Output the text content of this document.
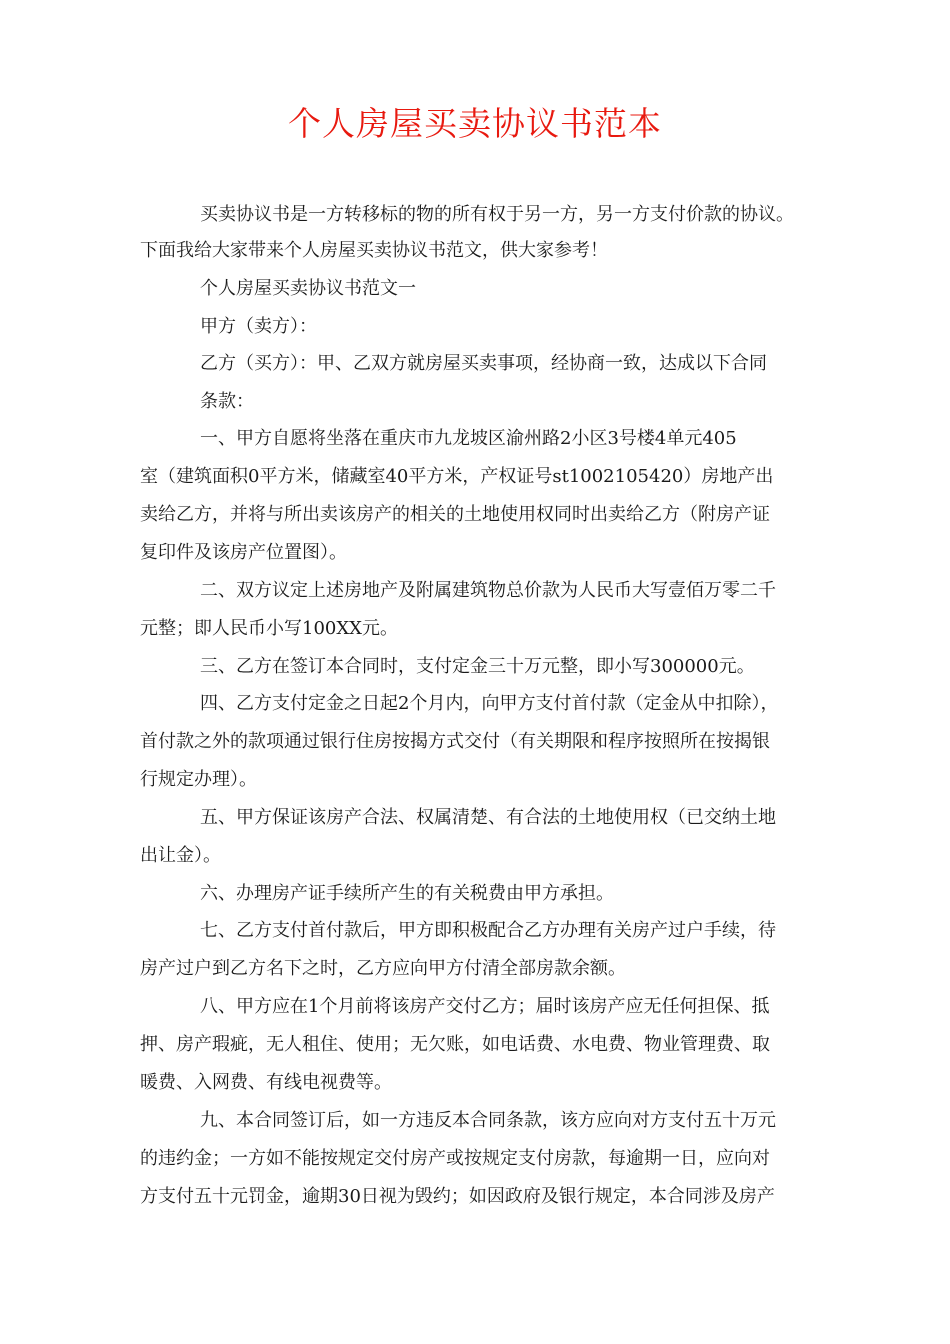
个人房屋买卖协议书范本
买卖协议书是一方转移标的物的所有权于另一方，另一方支付价款的协议。
下面我给大家带来个人房屋买卖协议书范文，供大家参考！
个人房屋买卖协议书范文一
甲方（卖方）：
乙方（买方）：甲、乙双方就房屋买卖事项，经协商一致，达成以下合同
条款：
一、甲方自愿将坐落在重庆市九龙坡区渝州路2小区3号楼4单元405
室（建筑面积0平方米，储藏室40平方米，产权证号st1002105420）房地产出
卖给乙方，并将与所出卖该房产的相关的土地使用权同时出卖给乙方（附房产证
复印件及该房产位置图）。
二、双方议定上述房地产及附属建筑物总价款为人民币大写壹佰万零二千
元整；即人民币小写100XX元。
三、乙方在签订本合同时，支付定金三十万元整，即小写300000元。
四、乙方支付定金之日起2个月内，向甲方支付首付款（定金从中扣除），
首付款之外的款项通过银行住房按揭方式交付（有关期限和程序按照所在按揭银
行规定办理）。
五、甲方保证该房产合法、权属清楚、有合法的土地使用权（已交纳土地
出让金）。
六、办理房产证手续所产生的有关税费由甲方承担。
七、乙方支付首付款后，甲方即积极配合乙方办理有关房产过户手续，待
房产过户到乙方名下之时，乙方应向甲方付清全部房款余额。
八、甲方应在1个月前将该房产交付乙方；届时该房产应无任何担保、抵
押、房产瑕疵，无人租住、使用；无欠账，如电话费、水电费、物业管理费、取
暖费、入网费、有线电视费等。
九、本合同签订后，如一方违反本合同条款，该方应向对方支付五十万元
的违约金；一方如不能按规定交付房产或按规定支付房款，每逾期一日，应向对
方支付五十元罚金，逾期30日视为毁约；如因政府及银行规定，本合同涉及房产
